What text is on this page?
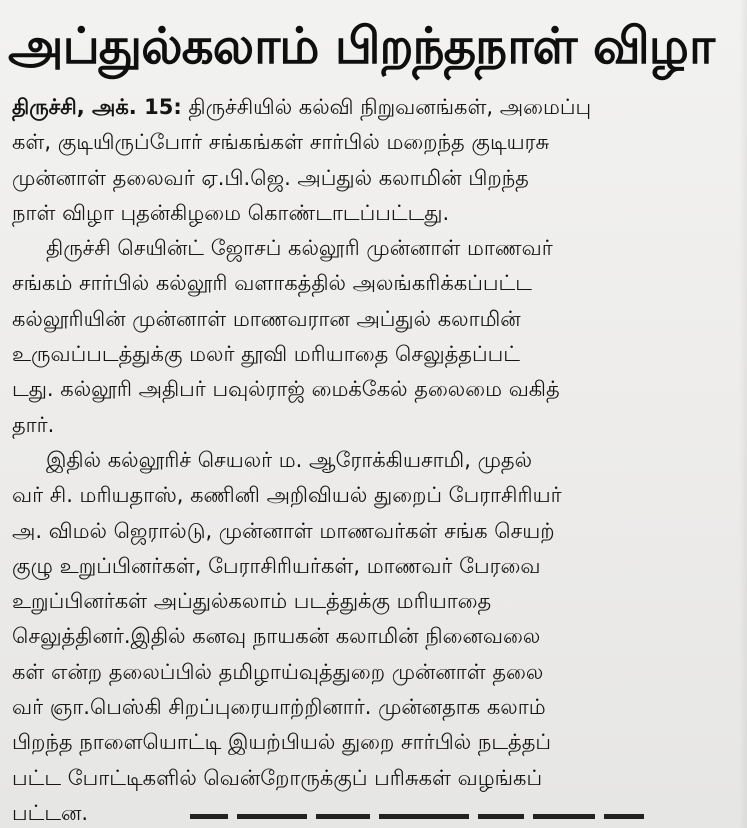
அப்துல்கலாம் பிறந்தநாள் விழா
திருச்சி, அக். 15: திருச்சியில் கல்வி நிறுவனங்கள், அமைப்பு
கள், குடியிருப்போர் சங்கங்கள் சார்பில் மறைந்த குடியரசு
முன்னாள் தலைவர் ஏ.பி.ஜெ. அப்துல் கலாமின் பிறந்த
நாள் விழா புதன்கிழமை கொண்டாடப்பட்டது.
திருச்சி செயின்ட் ஜோசப் கல்லூரி முன்னாள் மாணவர்
சங்கம் சார்பில் கல்லூரி வளாகத்தில் அலங்கரிக்கப்பட்ட
கல்லூரியின் முன்னாள் மாணவரான அப்துல் கலாமின்
உருவப்படத்துக்கு மலர் தூவி மரியாதை செலுத்தப்பட்
டது. கல்லூரி அதிபர் பவுல்ராஜ் மைக்கேல் தலைமை வகித்
தார்.
இதில் கல்லூரிச் செயலர் ம. ஆரோக்கியசாமி, முதல்
வர் சி. மரியதாஸ், கணினி அறிவியல் துறைப் பேராசிரியர்
அ. விமல் ஜெரால்டு, முன்னாள் மாணவர்கள் சங்க செயற்
குழு உறுப்பினர்கள், பேராசிரியர்கள், மாணவர் பேரவை
உறுப்பினர்கள் அப்துல்கலாம் படத்துக்கு மரியாதை
செலுத்தினர்.இதில் கனவு நாயகன் கலாமின் நினைவலை
கள் என்ற தலைப்பில் தமிழாய்வுத்துறை முன்னாள் தலை
வர் ஞா.பெஸ்கி சிறப்புரையாற்றினார். முன்னதாக கலாம்
பிறந்த நாளையொட்டி இயற்பியல் துறை சார்பில் நடத்தப்
பட்ட போட்டிகளில் வென்றோருக்குப் பரிசுகள் வழங்கப்
பட்டன.
